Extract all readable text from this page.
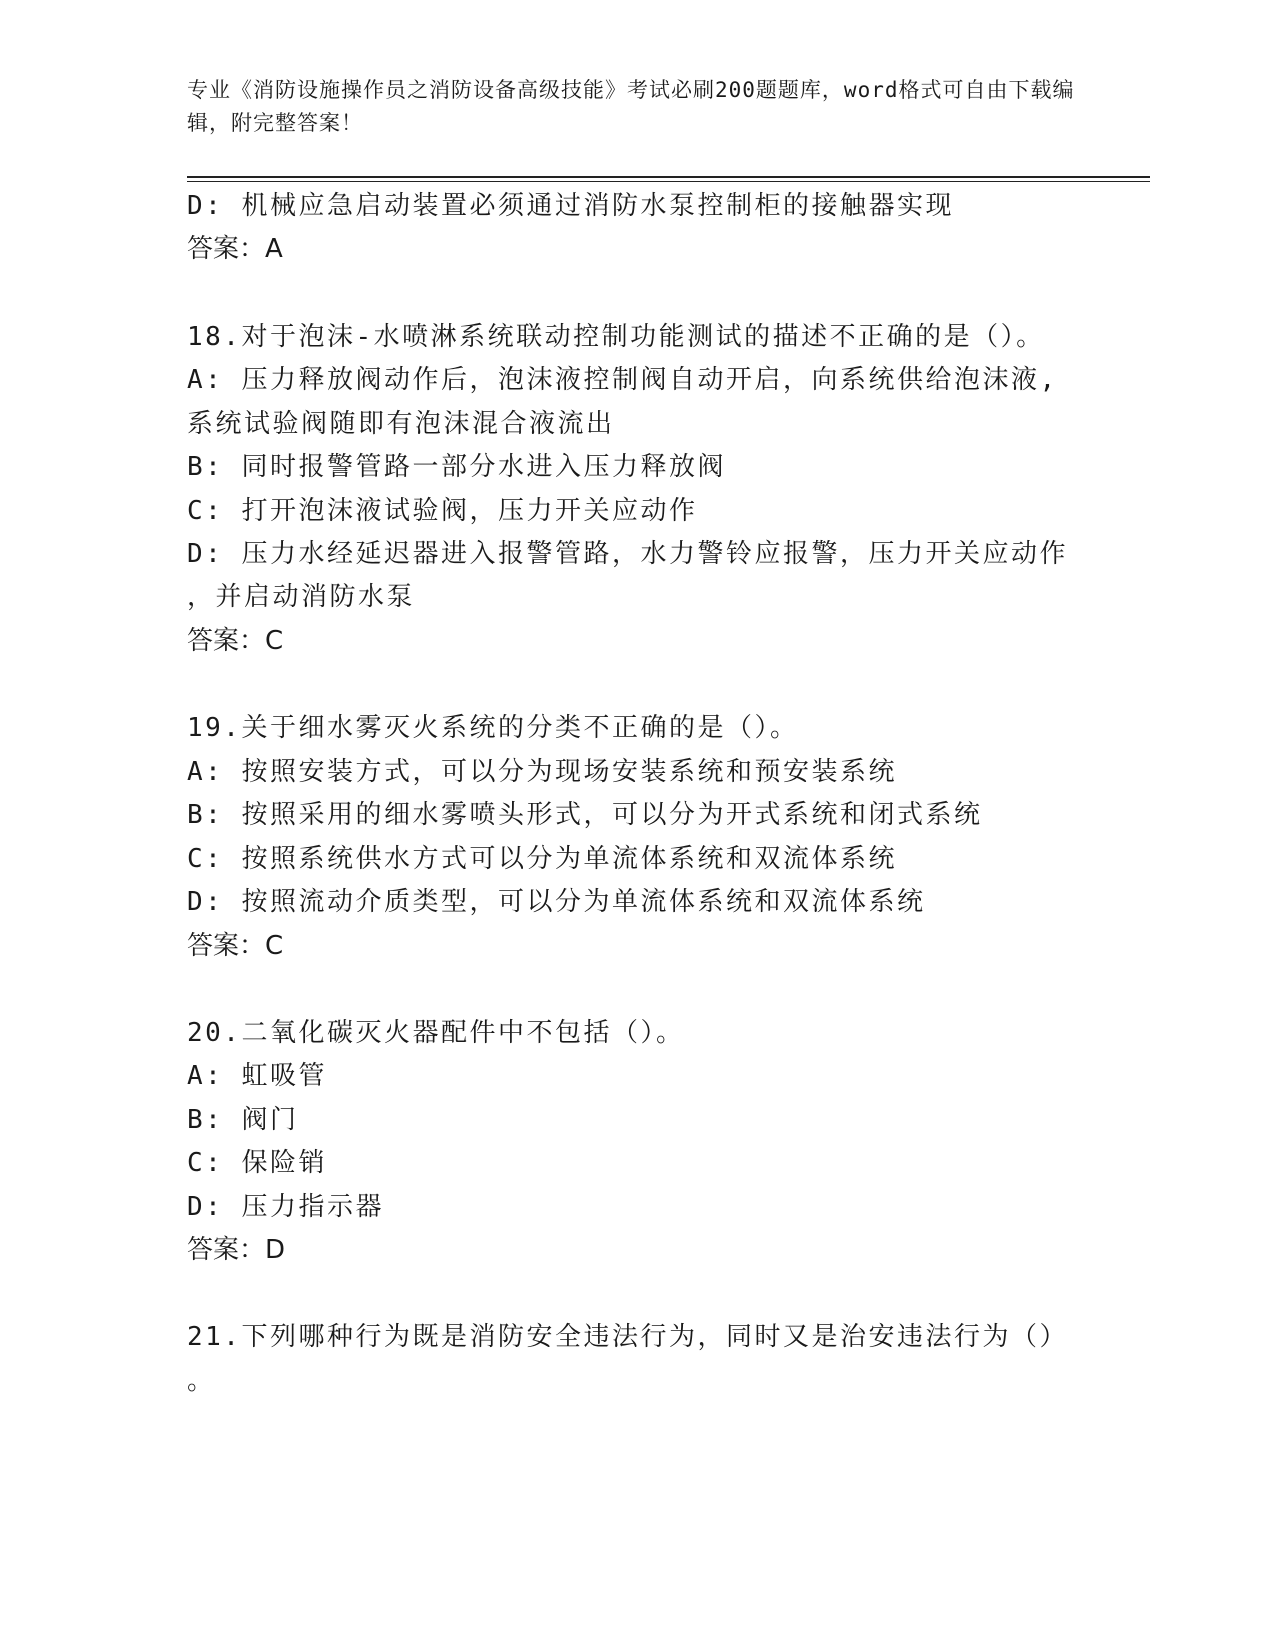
专业《消防设施操作员之消防设备高级技能》考试必刷200题题库，word格式可自由下载编辑，附完整答案！

D: 机械应急启动装置必须通过消防水泵控制柜的接触器实现

答案：A

18.对于泡沫-水喷淋系统联动控制功能测试的描述不正确的是（）。

A: 压力释放阀动作后，泡沫液控制阀自动开启，向系统供给泡沫液,

系统试验阀随即有泡沫混合液流出

B: 同时报警管路一部分水进入压力释放阀

C: 打开泡沫液试验阀，压力开关应动作

D: 压力水经延迟器进入报警管路，水力警铃应报警，压力开关应动作

，并启动消防水泵

答案：C

19.关于细水雾灭火系统的分类不正确的是（）。

A: 按照安装方式，可以分为现场安装系统和预安装系统

B: 按照采用的细水雾喷头形式，可以分为开式系统和闭式系统

C: 按照系统供水方式可以分为单流体系统和双流体系统

D: 按照流动介质类型，可以分为单流体系统和双流体系统

答案：C

20.二氧化碳灭火器配件中不包括（）。

A: 虹吸管

B: 阀门

C: 保险销

D: 压力指示器

答案：D

21.下列哪种行为既是消防安全违法行为，同时又是治安违法行为（）

。
